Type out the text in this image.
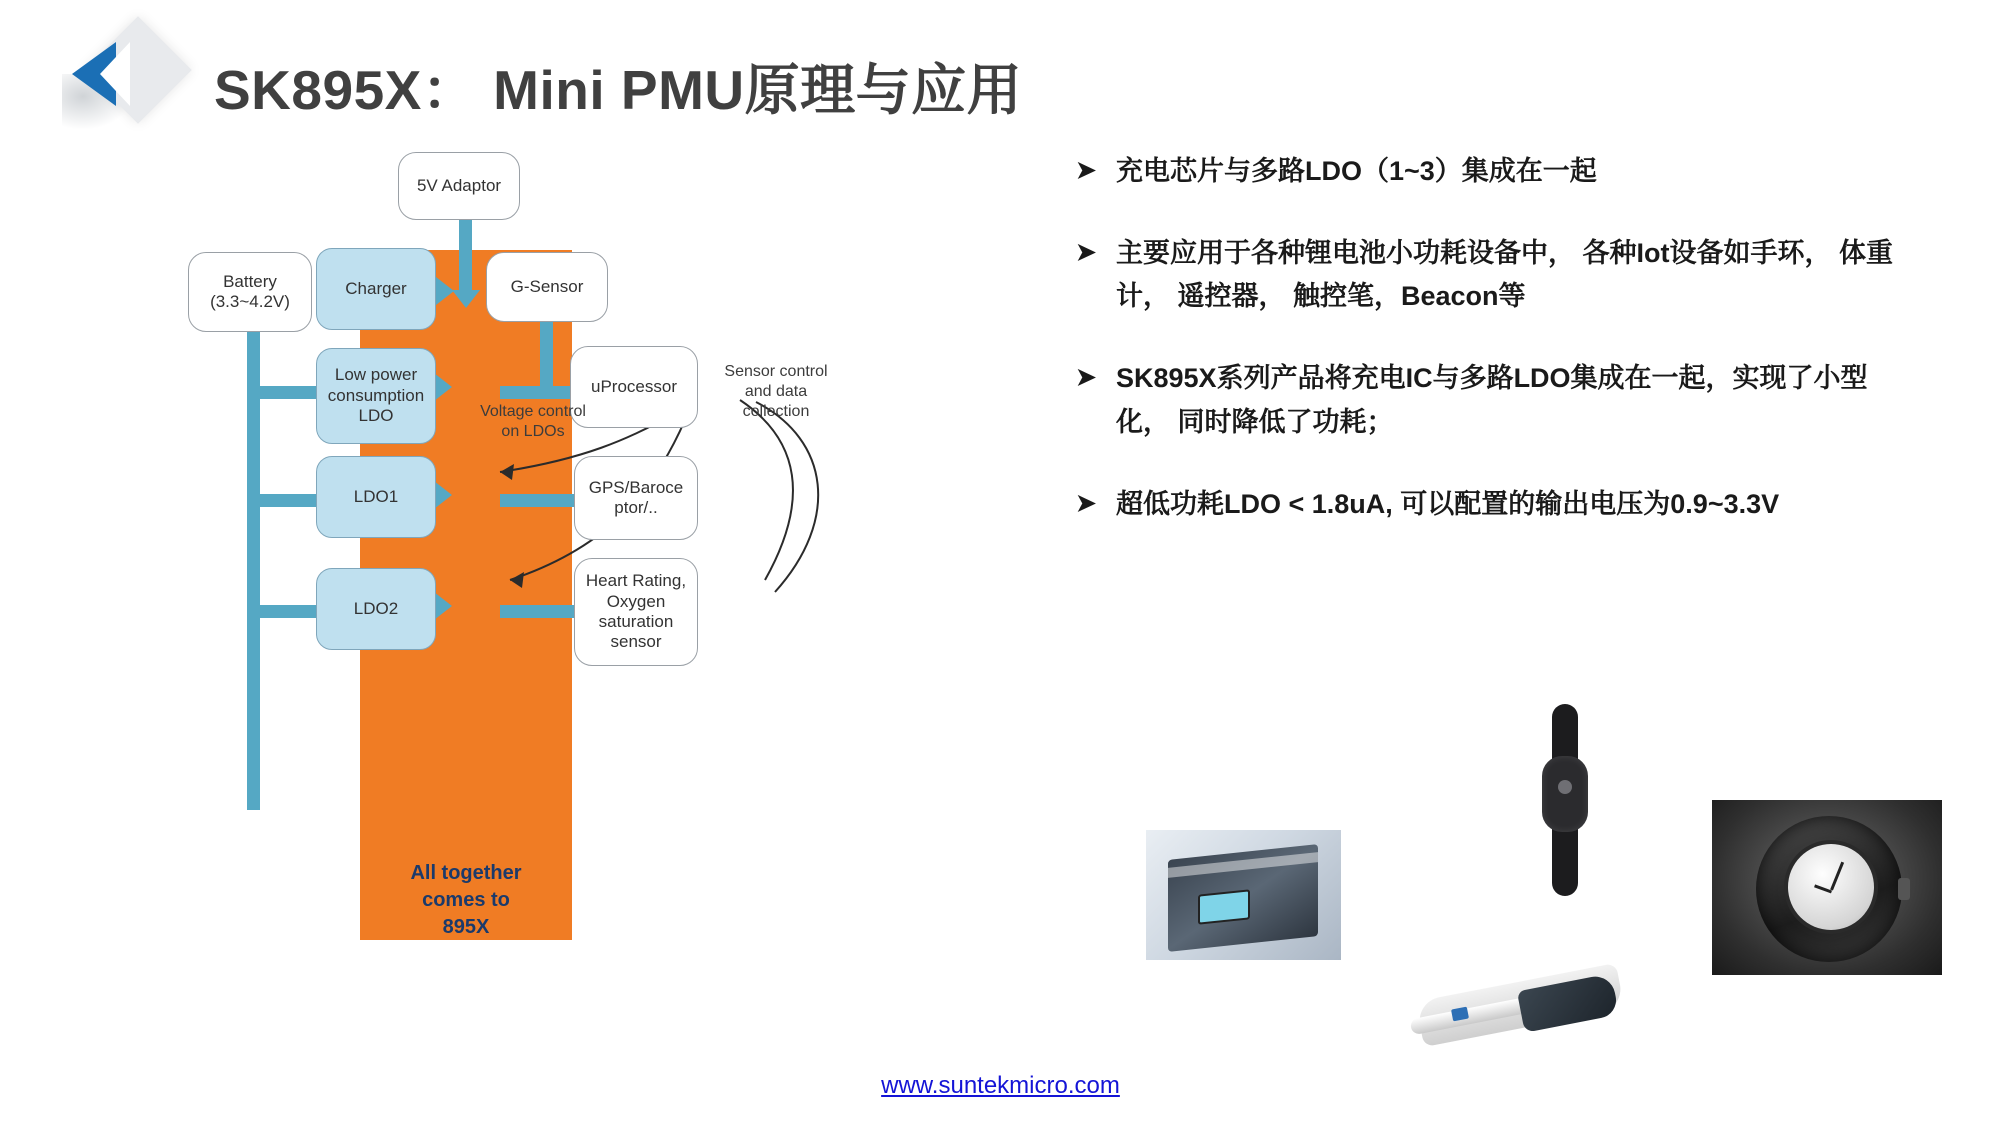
SK895X： Mini PMU原理与应用
All together
comes to
895X
5V Adaptor
Battery
(3.3~4.2V)
Charger
Low power
consumption
LDO
LDO1
LDO2
G-Sensor
uProcessor
GPS/Baroce
ptor/..
Heart Rating,
Oxygen
saturation
sensor
Sensor control
and data
collection
Voltage control
on LDOs
➤ 充电芯片与多路LDO（1~3）集成在一起
➤ 主要应用于各种锂电池小功耗设备中， 各种Iot设备如手环， 体重计， 遥控器， 触控笔，Beacon等
➤ SK895X系列产品将充电IC与多路LDO集成在一起，实现了小型化， 同时降低了功耗；
➤ 超低功耗LDO < 1.8uA, 可以配置的输出电压为0.9~3.3V
www.suntekmicro.com
